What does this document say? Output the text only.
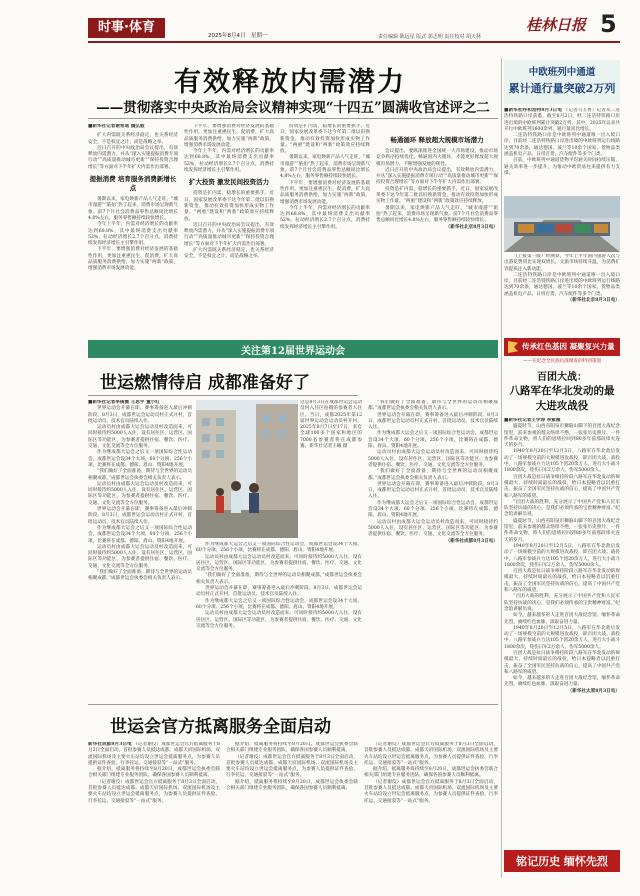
时事·体育
2025年8月4日 星期一
桂林日报 5
责任编辑 陈远星 版式 郭志明 责任校对 胡天林
有效释放内需潜力
——贯彻落实中央政治局会议精神实现“十四五”圆满收官述评之二
■新华社记者谢希瑶 魏弘毅

扩大内需既关系经济稳定，也关系经济安全，不是权宜之计，而是战略之举。

近日召开的中央政治局会议提出，有效释放内需潜力，并从“深入实施提振消费专项行动”“高质量推动城市更新”“保持投资合理增长”等方面对下半年扩大内需作出部署。

提振消费 培育服务消费新增长点

暑期以来，家电焕新产品人气走旺，“城市漫游”“旅拍”热了起来，消费市场呈现新气象。前7个月社会消费品零售总额同比增长4.8%左右，服务零售额持续较快增长。

今年上半年，内需对经济增长的贡献率达到68.8%，其中最终消费支出贡献率52%，拉动经济增长2.7个百分点，消费持续发挥经济增长主引擎作用。

下半年，要增强消费对经济发展的基础性作用，更加注重惠民生、促消费，扩大高品质服务消费供给，加力实施“两新”政策，增强消费市场发展动能。

下半年，要增强消费对经济发展的基础性作用，更加注重惠民生、促消费，扩大高品质服务消费供给，加力实施“两新”政策，增强消费市场发展动能。

今年上半年，内需对经济增长的贡献率达到68.8%，其中最终消费支出贡献率52%，拉动经济增长2.7个百分点，消费持续发挥经济增长主引擎作用。

扩大投资 激发民间投资活力

投资是扩内需、稳增长的重要抓手。近日，国家发展改革委下达今年第二批以旧换新资金，推动有效投资加快形成实物工作量。“两重”建设和“两新”政策效应持续释放。

近日召开的中央政治局会议提出，有效释放内需潜力，并从“深入实施提振消费专项行动”“高质量推动城市更新”“保持投资合理增长”等方面对下半年扩大内需作出部署。

扩大内需既关系经济稳定，也关系经济安全，不是权宜之计，而是战略之举。

投资是扩内需、稳增长的重要抓手。近日，国家发展改革委下达今年第二批以旧换新资金，推动有效投资加快形成实物工作量。“两重”建设和“两新”政策效应持续释放。

暑期以来，家电焕新产品人气走旺，“城市漫游”“旅拍”热了起来，消费市场呈现新气象。前7个月社会消费品零售总额同比增长4.8%左右，服务零售额持续较快增长。

下半年，要增强消费对经济发展的基础性作用，更加注重惠民生、促消费，扩大高品质服务消费供给，加力实施“两新”政策，增强消费市场发展动能。

今年上半年，内需对经济增长的贡献率达到68.8%，其中最终消费支出贡献率52%，拉动经济增长2.7个百分点，消费持续发挥经济增长主引擎作用。

畅通循环 释放超大规模市场潜力

会议提出，要纵深推进全国统一大市场建设，推动市场竞争秩序持续优化。畅通国内大循环，才能更好释放超大规模市场潜力，不断增强发展的韧性。

近日召开的中央政治局会议提出，有效释放内需潜力，并从“深入实施提振消费专项行动”“高质量推动城市更新”“保持投资合理增长”等方面对下半年扩大内需作出部署。

投资是扩内需、稳增长的重要抓手。近日，国家发展改革委下达今年第二批以旧换新资金，推动有效投资加快形成实物工作量。“两重”建设和“两新”政策效应持续释放。

暑期以来，家电焕新产品人气走旺，“城市漫游”“旅拍”热了起来，消费市场呈现新气象。前7个月社会消费品零售总额同比增长4.8%左右，服务零售额持续较快增长。

（新华社北京8月3日电）
中欧班列中通道
累计通行量突破2万列
■新华社呼和浩特8月3日电 （记者马玉香）记者从二连浩特铁路口岸获悉，截至8月3日，经二连浩特铁路口岸进出境的中欧班列累计突破2万列。其中，2025年以来共开行中欧班列1600余列，通行量同比增长。

二连浩特铁路口岸是中欧班列中通道唯一出入境口岸，目前经二连浩特铁路口岸进出境的中欧班列运行线路达到70余条，通达德国、波兰等10余个国家，货物品类涵盖机电产品、日用百货、汽车配件等多个门类。

目前，中欧班列中通道货物平均通关时间持续压缩，通关效率进一步提升，为推动中欧贸易往来提供有力支撑。

（上接第一版）经测算，今年上半年国内旅游人次与出游花费同比实现双增长，文旅市场持续升温，为消费扩容提质注入新动能。

二连浩特铁路口岸是中欧班列中通道唯一出入境口岸，目前经二连浩特铁路口岸进出境的中欧班列运行线路达到70余条，通达德国、波兰等10余个国家，货物品类涵盖机电产品、日用百货、汽车配件等多个门类。

（新华社北京8月3日电）
传承红色基因 凝聚复兴力量
——在纪念全民族抗战爆发的特别策划
百团大战：
八路军在华北发动的最大进攻战役
■新华社记者王学涛 李紫薇

盛夏时节，山西省阳泉市狮脑山脚下的百团大战纪念馆里，前来参观的群众络绎不绝，一张张历史照片、一件件革命文物，将人们的思绪拉回到80多年前那段烽火连天的岁月。

1940年8月20日至12月5日，八路军在华北敌后发动了一场规模空前的大规模进攻战役，即百团大战。战役中，八路军参战兵力达105个团20余万人，进行大小战斗1800余次，毙伤日军2万余人、伪军5000余人。

百团大战是抗日战争相持阶段八路军在华北发动的规模最大、持续时间最长的战役，给日本侵略者以沉重打击，振奋了全国军民坚持抗战的信心，提高了中国共产党和八路军的威望。

“百团大战的胜利，充分展示了中国共产党和人民军队坚持抗战的决心，是我们必须传承的宝贵精神财富。”纪念馆讲解员说。

盛夏时节，山西省阳泉市狮脑山脚下的百团大战纪念馆里，前来参观的群众络绎不绝，一张张历史照片、一件件革命文物，将人们的思绪拉回到80多年前那段烽火连天的岁月。

1940年8月20日至12月5日，八路军在华北敌后发动了一场规模空前的大规模进攻战役，即百团大战。战役中，八路军参战兵力达105个团20余万人，进行大小战斗1800余次，毙伤日军2万余人、伪军5000余人。

百团大战是抗日战争相持阶段八路军在华北发动的规模最大、持续时间最长的战役，给日本侵略者以沉重打击，振奋了全国军民坚持抗战的信心，提高了中国共产党和八路军的威望。

“百团大战的胜利，充分展示了中国共产党和人民军队坚持抗战的决心，是我们必须传承的宝贵精神财富。”纪念馆讲解员说。

如今，越来越多的人走进百团大战纪念馆，缅怀革命先烈，赓续红色血脉，汲取奋进力量。

1940年8月20日至12月5日，八路军在华北敌后发动了一场规模空前的大规模进攻战役，即百团大战。战役中，八路军参战兵力达105个团20余万人，进行大小战斗1800余次，毙伤日军2万余人、伪军5000余人。

百团大战是抗日战争相持阶段八路军在华北发动的规模最大、持续时间最长的战役，给日本侵略者以沉重打击，振奋了全国军民坚持抗战的信心，提高了中国共产党和八路军的威望。

如今，越来越多的人走进百团大战纪念馆，缅怀革命先烈，赓续红色血脉，汲取奋进力量。

（新华社太原8月3日电）
铭记历史 缅怀先烈
关注第12届世界运动会
世运燃情待启 成都准备好了
这是8月3日在成都世运会运动员村入住区拍摄的参赛者入住区。当日，成都2025年第12届世界运动会运动员村开村，2025年8月7日至17日，来自全球100多个国家和地区的7000名参赛者将在成都参赛。新华社记者王曦 摄
■新华社记者李倩薇 王思宇 董小红

世界运动会开幕在即，赛事筹备进入最后冲刺阶段。8月3日，成都世运会运动员村正式开村，首批运动员、技术官员陆续入住。

运动员村由成都大运会运动员村改造而来，可同时接待约5000人入住，设有居住区、运营区、国际区等功能区，为参赛者提供住宿、餐饮、医疗、交通、文化交流等全方位服务。

作为继成都大运会之后又一项国际综合性运动会，成都世运会设34个大项、60个分项、256个小项，比赛将在成都、德阳、眉山、资阳4地开展。

“我们做好了全面准备，期待与全世界的运动员相聚成都。”成都世运会执委会相关负责人表示。

运动员村由成都大运会运动员村改造而来，可同时接待约5000人入住，设有居住区、运营区、国际区等功能区，为参赛者提供住宿、餐饮、医疗、交通、文化交流等全方位服务。

世界运动会开幕在即，赛事筹备进入最后冲刺阶段。8月3日，成都世运会运动员村正式开村，首批运动员、技术官员陆续入住。

作为继成都大运会之后又一项国际综合性运动会，成都世运会设34个大项、60个分项、256个小项，比赛将在成都、德阳、眉山、资阳4地开展。

运动员村由成都大运会运动员村改造而来，可同时接待约5000人入住，设有居住区、运营区、国际区等功能区，为参赛者提供住宿、餐饮、医疗、交通、文化交流等全方位服务。

“我们做好了全面准备，期待与全世界的运动员相聚成都。”成都世运会执委会相关负责人表示。

作为继成都大运会之后又一项国际综合性运动会，成都世运会设34个大项、60个分项、256个小项，比赛将在成都、德阳、眉山、资阳4地开展。

运动员村由成都大运会运动员村改造而来，可同时接待约5000人入住，设有居住区、运营区、国际区等功能区，为参赛者提供住宿、餐饮、医疗、交通、文化交流等全方位服务。

“我们做好了全面准备，期待与全世界的运动员相聚成都。”成都世运会执委会相关负责人表示。

世界运动会开幕在即，赛事筹备进入最后冲刺阶段。8月3日，成都世运会运动员村正式开村，首批运动员、技术官员陆续入住。

作为继成都大运会之后又一项国际综合性运动会，成都世运会设34个大项、60个分项、256个小项，比赛将在成都、德阳、眉山、资阳4地开展。

运动员村由成都大运会运动员村改造而来，可同时接待约5000人入住，设有居住区、运营区、国际区等功能区，为参赛者提供住宿、餐饮、医疗、交通、文化交流等全方位服务。

“我们做好了全面准备，期待与全世界的运动员相聚成都。”成都世运会执委会相关负责人表示。

世界运动会开幕在即，赛事筹备进入最后冲刺阶段。8月3日，成都世运会运动员村正式开村，首批运动员、技术官员陆续入住。

作为继成都大运会之后又一项国际综合性运动会，成都世运会设34个大项、60个分项、256个小项，比赛将在成都、德阳、眉山、资阳4地开展。

运动员村由成都大运会运动员村改造而来，可同时接待约5000人入住，设有居住区、运营区、国际区等功能区，为参赛者提供住宿、餐饮、医疗、交通、文化交流等全方位服务。

“我们做好了全面准备，期待与全世界的运动员相聚成都。”成都世运会执委会相关负责人表示。

世界运动会开幕在即，赛事筹备进入最后冲刺阶段。8月3日，成都世运会运动员村正式开村，首批运动员、技术官员陆续入住。

作为继成都大运会之后又一项国际综合性运动会，成都世运会设34个大项、60个分项、256个小项，比赛将在成都、德阳、眉山、资阳4地开展。

运动员村由成都大运会运动员村改造而来，可同时接待约5000人入住，设有居住区、运营区、国际区等功能区，为参赛者提供住宿、餐饮、医疗、交通、文化交流等全方位服务。

（新华社成都8月3日电）
世运会官方抵离服务全面启动
新华社成都8月3日电 （记者谢佼）成都世运会官方抵离服务于8月3日全面启动，首批参赛人员抵达成都。成都天府国际机场、双流国际机场及主要火车站均设立世运会抵离服务点，为参赛人员提供证件查验、行李托运、交通接驳等“一站式”服务。

据介绍，抵离服务将持续至8月20日，成都世运会执委会联合相关部门组建专业服务团队，确保各国参赛人员顺利抵离。

（记者谢佼）成都世运会官方抵离服务于8月3日全面启动，首批参赛人员抵达成都。成都天府国际机场、双流国际机场及主要火车站均设立世运会抵离服务点，为参赛人员提供证件查验、行李托运、交通接驳等“一站式”服务。

据介绍，抵离服务将持续至8月20日，成都世运会执委会联合相关部门组建专业服务团队，确保各国参赛人员顺利抵离。

（记者谢佼）成都世运会官方抵离服务于8月3日全面启动，首批参赛人员抵达成都。成都天府国际机场、双流国际机场及主要火车站均设立世运会抵离服务点，为参赛人员提供证件查验、行李托运、交通接驳等“一站式”服务。

据介绍，抵离服务将持续至8月20日，成都世运会执委会联合相关部门组建专业服务团队，确保各国参赛人员顺利抵离。

（记者谢佼）成都世运会官方抵离服务于8月3日全面启动，首批参赛人员抵达成都。成都天府国际机场、双流国际机场及主要火车站均设立世运会抵离服务点，为参赛人员提供证件查验、行李托运、交通接驳等“一站式”服务。

据介绍，抵离服务将持续至8月20日，成都世运会执委会联合相关部门组建专业服务团队，确保各国参赛人员顺利抵离。

（记者谢佼）成都世运会官方抵离服务于8月3日全面启动，首批参赛人员抵达成都。成都天府国际机场、双流国际机场及主要火车站均设立世运会抵离服务点，为参赛人员提供证件查验、行李托运、交通接驳等“一站式”服务。
